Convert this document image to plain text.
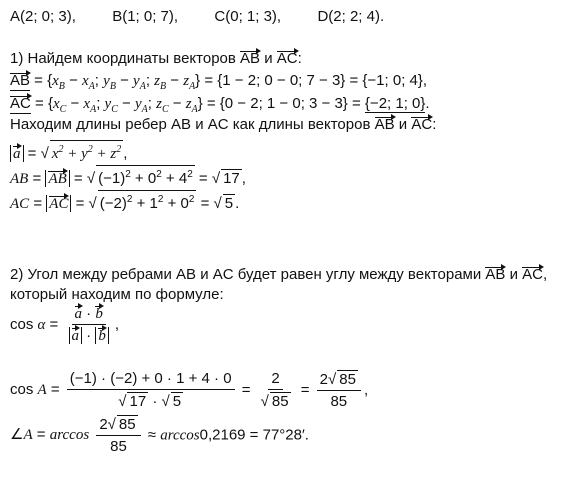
A(2; 0; 3), B(1; 0; 7), C(0; 1; 3), D(2; 2; 4).
1) Найдем координаты векторов AB и AC:
AB = {$x_B - x_A$; $y_B - y_A$; $z_B - z_A\} = \{1 - 2$; 0 − 0; 7 − 3} = {−1; 0; 4},
AC = {$x_C - x_A$; $y_C - y_A$; $z_C - z_A\} = \{0 - 2$; 1 − 0; 3 − 3} = {−2; 1; 0}.
Находим длины ребер AB и AC как длины векторов AB и AC:
a = √ $x^2 + y^2 + z^2$ ,
AB = AB = √ $(-1)^2 + 0^2 + 4^2$ = √ 17 ,
AC = AC = √ $(-2)^2 + 1^2 + 0^2$ = √ 5 .
2) Угол между ребрами AB и AC будет равен углу между векторами AB и AC,
который находим по формуле:
$\cos \alpha = \frac{a \cdot b}{a \cdot b}$ ,
$\cos A = \frac{(-1) \cdot (-2) + 0 \cdot 1 + 4 \cdot 0}{√ 17 \cdot √ 5} = \frac{2}{√ 85} = \frac{2√ 85}{85}$ ,
∠A = $\arccos \frac{2√ 85}{85} \approx \arccos 0,2169 = 77^\circ 28'$.
